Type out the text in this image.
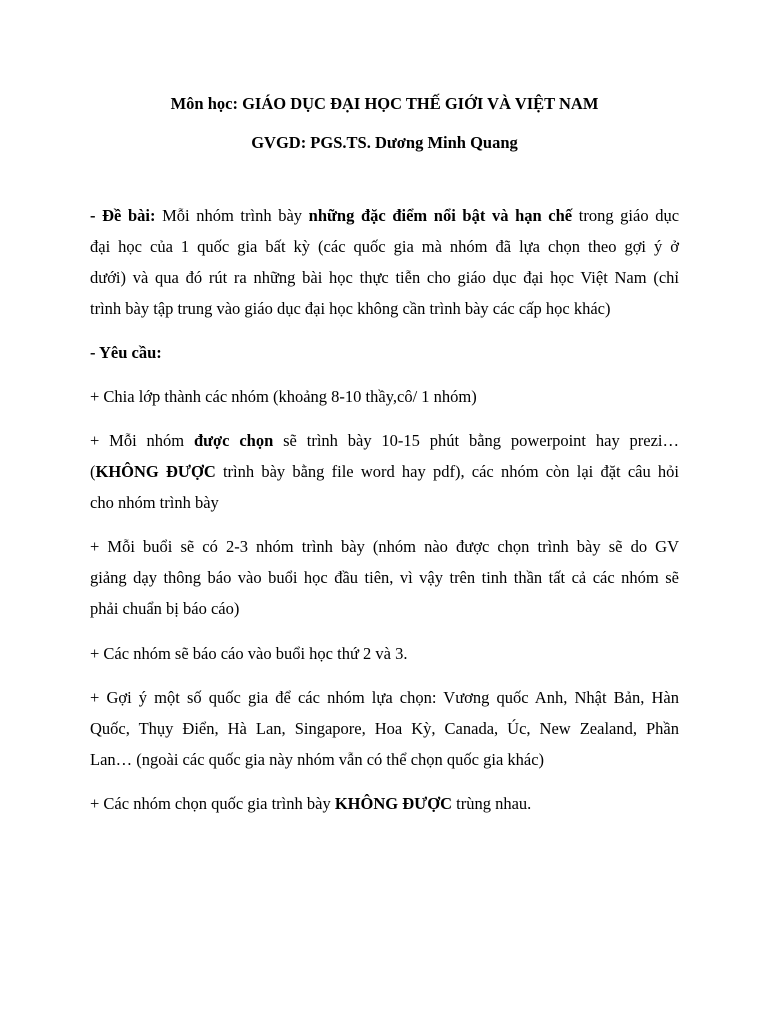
Môn học: GIÁO DỤC ĐẠI HỌC THẾ GIỚI VÀ VIỆT NAM
GVGD: PGS.TS. Dương Minh Quang
- Đề bài: Mỗi nhóm trình bày những đặc điểm nổi bật và hạn chế trong giáo dục
đại học của 1 quốc gia bất kỳ (các quốc gia mà nhóm đã lựa chọn theo gợi ý ở
dưới) và qua đó rút ra những bài học thực tiễn cho giáo dục đại học Việt Nam (chỉ
trình bày tập trung vào giáo dục đại học không cần trình bày các cấp học khác)
- Yêu cầu:
+ Chia lớp thành các nhóm (khoảng 8-10 thầy,cô/ 1 nhóm)
+ Mỗi nhóm được chọn sẽ trình bày 10-15 phút bằng powerpoint hay prezi…
(KHÔNG ĐƯỢC trình bày bằng file word hay pdf), các nhóm còn lại đặt câu hỏi
cho nhóm trình bày
+ Mỗi buổi sẽ có 2-3 nhóm trình bày (nhóm nào được chọn trình bày sẽ do GV
giảng dạy thông báo vào buổi học đầu tiên, vì vậy trên tinh thần tất cả các nhóm sẽ
phải chuẩn bị báo cáo)
+ Các nhóm sẽ báo cáo vào buổi học thứ 2 và 3.
+ Gợi ý một số quốc gia để các nhóm lựa chọn: Vương quốc Anh, Nhật Bản, Hàn
Quốc, Thụy Điển, Hà Lan, Singapore, Hoa Kỳ, Canada, Úc, New Zealand, Phần
Lan… (ngoài các quốc gia này nhóm vẫn có thể chọn quốc gia khác)
+ Các nhóm chọn quốc gia trình bày KHÔNG ĐƯỢC trùng nhau.
